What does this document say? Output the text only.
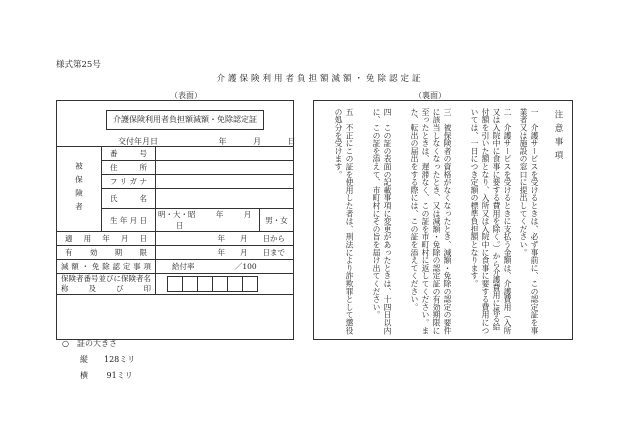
様式第25号
介護保険利用者負担額減額・免除認定証
（表面）	（裏面）
介護保険利用者負担額減額・免除認定証
交付年月日	年	月	日
被保険者	番号		
	住所		
	フリガナ		
	氏名		
	生年月日	明・大・昭 年 月 日	男・女
適用年月日		年　　月　　日から	
有効期限		年　　月　　日まで	
減額・免除認定事項		給付率 ／100	
保険者番号並びに保険者名称及び印			
○　証の大きさ
縦　　128ミリ
横　　 91ミリ
注意事項
一　介護サービスを受けるときは、必ず事前に、この認定証を事業者又は施設の窓口に提出してください。
二　介護サービスを受けるときに支払う金額は、介護費用（入所又は入院中に食事に要する費用を除く。）から介護費用に係る給付額を引いた額となり、入所又は入院中に食事に要する費用については、一日につき定額の標準負担額となります。
三　被保険者の資格がなくなったとき、減額・免除の認定の要件に該当しなくなったとき、又は減額・免除の認定証の有効期限に至ったときは、遅滞なく、この証を市町村に返してください。また、転出の届出をする際には、この証を添えてください。
四　この証の表面の記載事項に変更があったときは、十四日以内に、この証を添えて、市町村にその旨を届け出てください。
五　不正にこの証を使用した者は、刑法により詐欺罪として懲役の処分を受けます。
